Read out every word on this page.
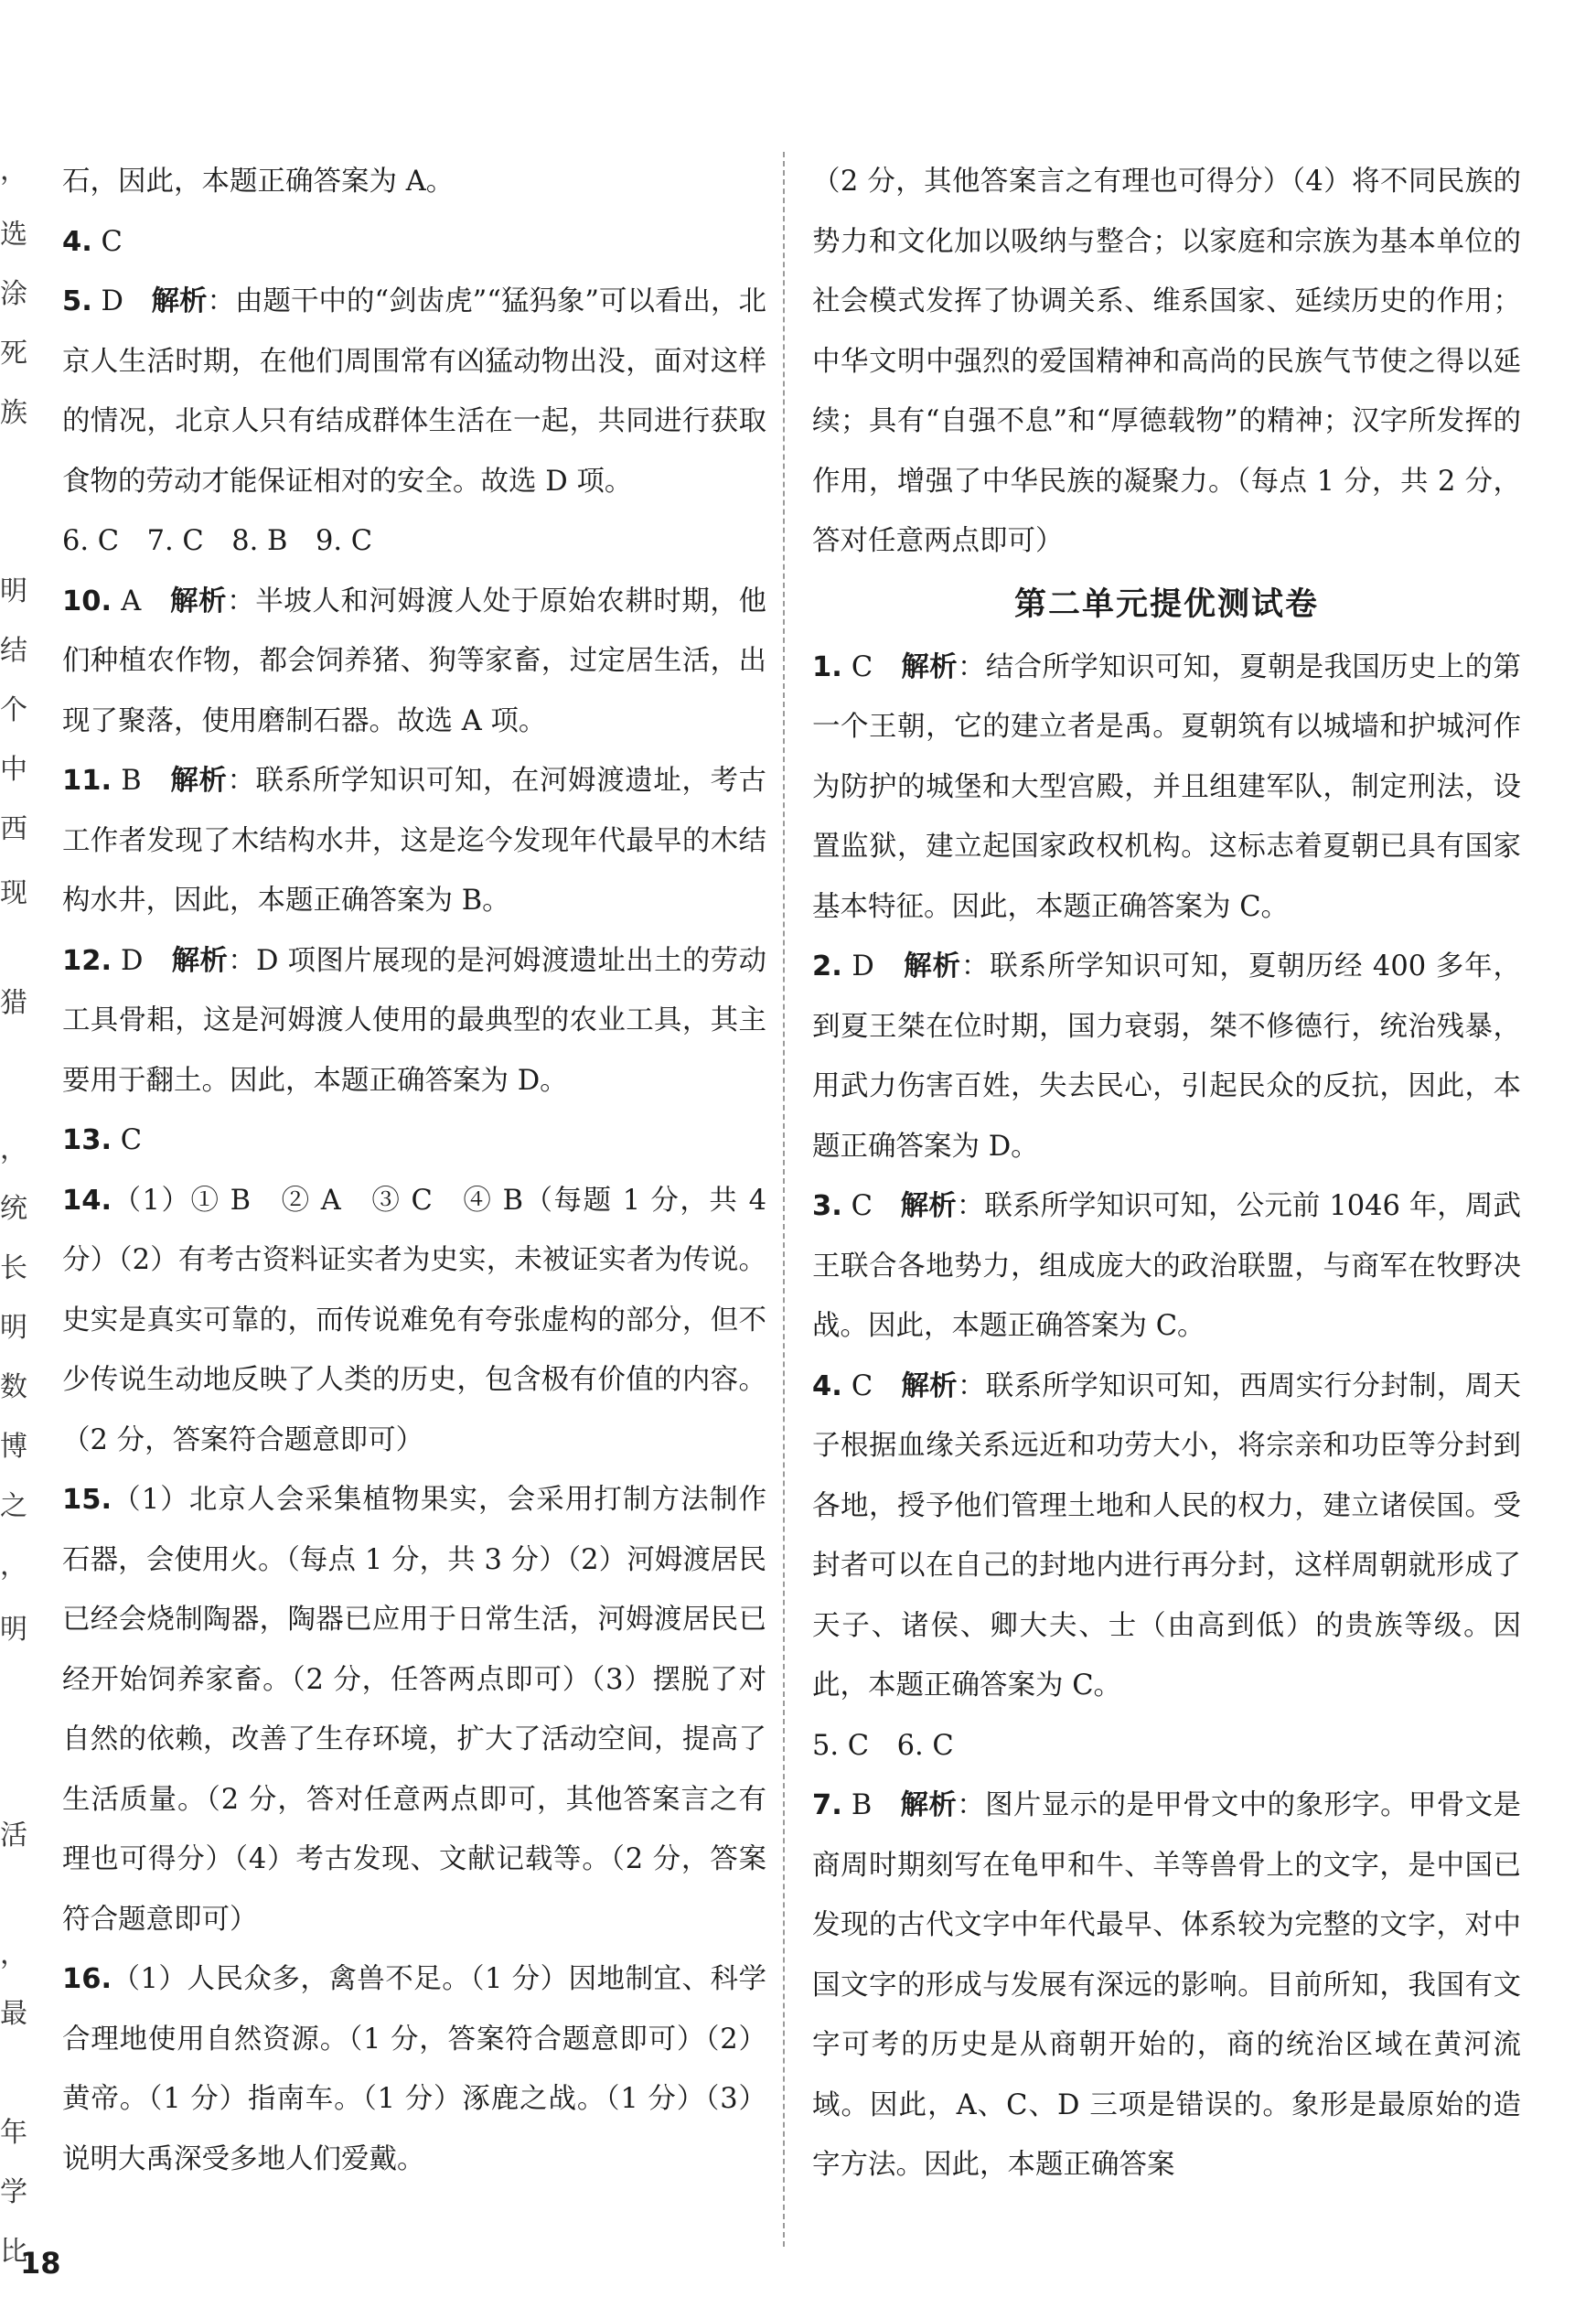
，
选
涂
死
族
明
结
个
中
西
现
猎
，
统
长
明
数
博
之
，
明
活
，
最
年
学
比

石，因此，本题正确答案为 A。

4. C

5. D　解析：由题干中的“剑齿虎”“猛犸象”可以看出，北京人生活时期，在他们周围常有凶猛动物出没，面对这样的情况，北京人只有结成群体生活在一起，共同进行获取食物的劳动才能保证相对的安全。故选 D 项。

6. C　7. C　8. B　9. C

10. A　解析：半坡人和河姆渡人处于原始农耕时期，他们种植农作物，都会饲养猪、狗等家畜，过定居生活，出现了聚落，使用磨制石器。故选 A 项。

11. B　解析：联系所学知识可知，在河姆渡遗址，考古工作者发现了木结构水井，这是迄今发现年代最早的木结构水井，因此，本题正确答案为 B。

12. D　解析：D 项图片展现的是河姆渡遗址出土的劳动工具骨耜，这是河姆渡人使用的最典型的农业工具，其主要用于翻土。因此，本题正确答案为 D。

13. C

14.（1）① B　② A　③ C　④ B（每题 1 分，共 4 分）（2）有考古资料证实者为史实，未被证实者为传说。史实是真实可靠的，而传说难免有夸张虚构的部分，但不少传说生动地反映了人类的历史，包含极有价值的内容。（2 分，答案符合题意即可）

15.（1）北京人会采集植物果实，会采用打制方法制作石器，会使用火。（每点 1 分，共 3 分）（2）河姆渡居民已经会烧制陶器，陶器已应用于日常生活，河姆渡居民已经开始饲养家畜。（2 分，任答两点即可）（3）摆脱了对自然的依赖，改善了生存环境，扩大了活动空间，提高了生活质量。（2 分，答对任意两点即可，其他答案言之有理也可得分）（4）考古发现、文献记载等。（2 分，答案符合题意即可）

16.（1）人民众多，禽兽不足。（1 分）因地制宜、科学合理地使用自然资源。（1 分，答案符合题意即可）（2）黄帝。（1 分）指南车。（1 分）涿鹿之战。（1 分）（3）说明大禹深受多地人们爱戴。

（2 分，其他答案言之有理也可得分）（4）将不同民族的势力和文化加以吸纳与整合；以家庭和宗族为基本单位的社会模式发挥了协调关系、维系国家、延续历史的作用；中华文明中强烈的爱国精神和高尚的民族气节使之得以延续；具有“自强不息”和“厚德载物”的精神；汉字所发挥的作用，增强了中华民族的凝聚力。（每点 1 分，共 2 分，答对任意两点即可）

第二单元提优测试卷

1. C　解析：结合所学知识可知，夏朝是我国历史上的第一个王朝，它的建立者是禹。夏朝筑有以城墙和护城河作为防护的城堡和大型宫殿，并且组建军队，制定刑法，设置监狱，建立起国家政权机构。这标志着夏朝已具有国家基本特征。因此，本题正确答案为 C。

2. D　解析：联系所学知识可知，夏朝历经 400 多年，到夏王桀在位时期，国力衰弱，桀不修德行，统治残暴，用武力伤害百姓，失去民心，引起民众的反抗，因此，本题正确答案为 D。

3. C　解析：联系所学知识可知，公元前 1046 年，周武王联合各地势力，组成庞大的政治联盟，与商军在牧野决战。因此，本题正确答案为 C。

4. C　解析：联系所学知识可知，西周实行分封制，周天子根据血缘关系远近和功劳大小，将宗亲和功臣等分封到各地，授予他们管理土地和人民的权力，建立诸侯国。受封者可以在自己的封地内进行再分封，这样周朝就形成了天子、诸侯、卿大夫、士（由高到低）的贵族等级。因此，本题正确答案为 C。

5. C　6. C

7. B　解析：图片显示的是甲骨文中的象形字。甲骨文是商周时期刻写在龟甲和牛、羊等兽骨上的文字，是中国已发现的古代文字中年代最早、体系较为完整的文字，对中国文字的形成与发展有深远的影响。目前所知，我国有文字可考的历史是从商朝开始的，商的统治区域在黄河流域。因此，A、C、D 三项是错误的。象形是最原始的造字方法。因此，本题正确答案

18
